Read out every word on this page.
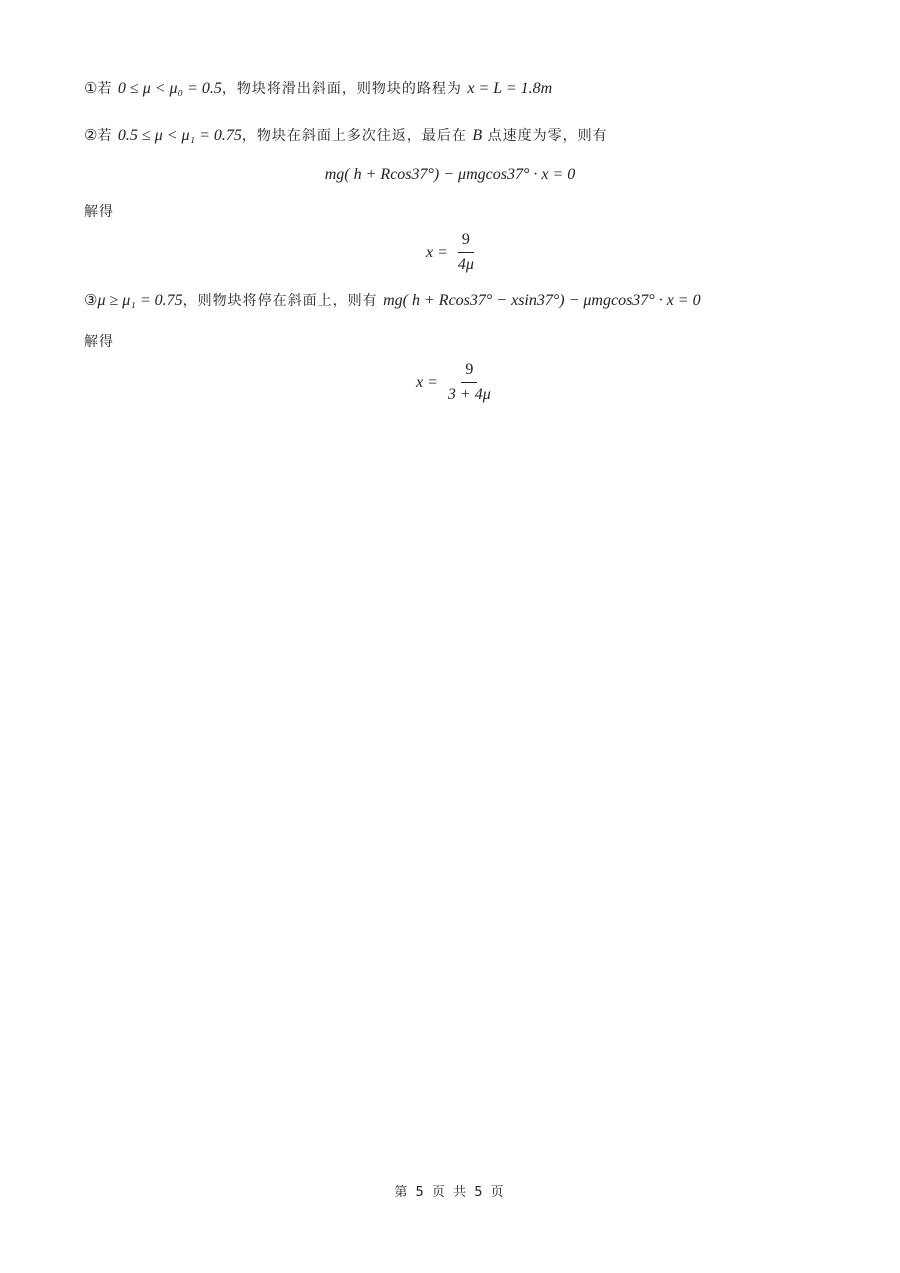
①若 0 ≤ μ < μ₀ = 0.5，物块将滑出斜面，则物块的路程为 x = L = 1.8m
②若 0.5 ≤ μ < μ₁ = 0.75，物块在斜面上多次往返，最后在 B 点速度为零，则有
mg( h + Rcos37°) − μmgcos37° · x = 0
解得
$x = \frac{9}{4\mu}$
③μ ≥ μ₁ = 0.75，则物块将停在斜面上，则有 mg( h + Rcos37° − xsin37°) − μmgcos37° · x = 0
解得
$x = \frac{9}{3 + 4\mu}$
第 5 页 共 5 页
